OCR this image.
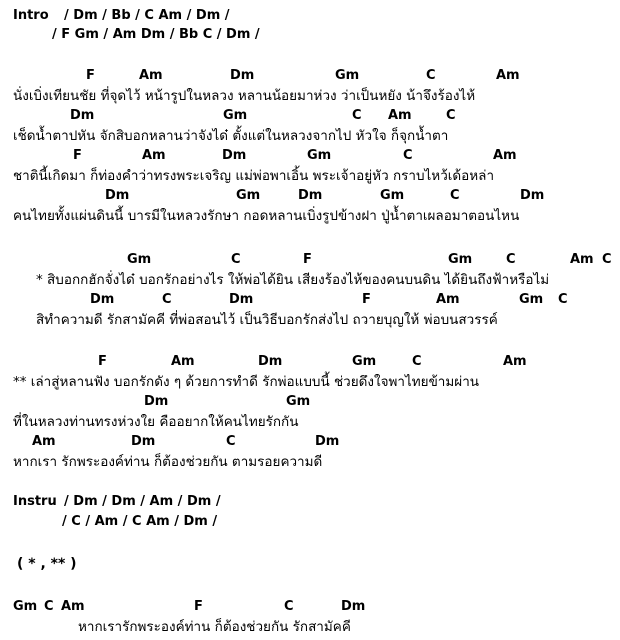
Intro / Dm / Bb / C Am / Dm /
/ F Gm / Am Dm / Bb C / Dm /
F	Am	Dm	Gm	C	Am
นั่งเบิ่งเทียนชัย ที่จุดไว้ หน้ารูปในหลวง หลานน้อยมาห่วง ว่าเป็นหยัง น้าจึงร้องไห้
Dm	Gm	C Am	C
เช็ดน้ำตาปหัน จักสิบอกหลานว่าจังได๋ ตั้งแต่ในหลวงจากไป หัวใจ ก็จุกน้ำตา
F	Am	Dm	Gm	C	Am
ชาตินี้เกิดมา ก็ท่องคำว่าทรงพระเจริญ แม่พ่อพาเอิ้น พระเจ้าอยู่หัว กราบไหว้เด้อหล่า
Dm	Gm	Dm	Gm	C	Dm
คนไทยทั้งแผ่นดินนี้ บารมีในหลวงรักษา กอดหลานเบิ่งรูปข้างฝา ปู่น้ำตาเผลอมาตอนไหน
Gm	C	F	Gm	C	Am C
* สิบอกกฮักจั่งได๋ บอกรักอย่างไร ให้พ่อได้ยิน เสียงร้องไห้ของคนบนดิน ได้ยินถึงฟ้าหรือไม่
Dm	C	Dm	F	Am	Gm C
สิทำความดี รักสามัคคี ที่พ่อสอนไว้ เป็นวิธีบอกรักส่งไป ถวายบุญให้ พ่อบนสวรรค์
F	Am	Dm	Gm	C	Am
** เล่าสู่หลานฟัง บอกรักดัง ๆ ด้วยการทำดี รักพ่อแบบนี้ ช่วยดึงใจพาไทยข้ามผ่าน
Dm	Gm
ที่ในหลวงท่านทรงห่วงใย คืออยากให้คนไทยรักกัน
Am	Dm	C	Dm
หากเรา รักพระองค์ท่าน ก็ต้องช่วยกัน ตามรอยความดี
Instru / Dm / Dm / Am / Dm /
/ C / Am / C Am / Dm /
( * , ** )
Gm C Am	F	C	Dm
หากเรารักพระองค์ท่าน ก็ต้องช่วยกัน รักสามัคคี
